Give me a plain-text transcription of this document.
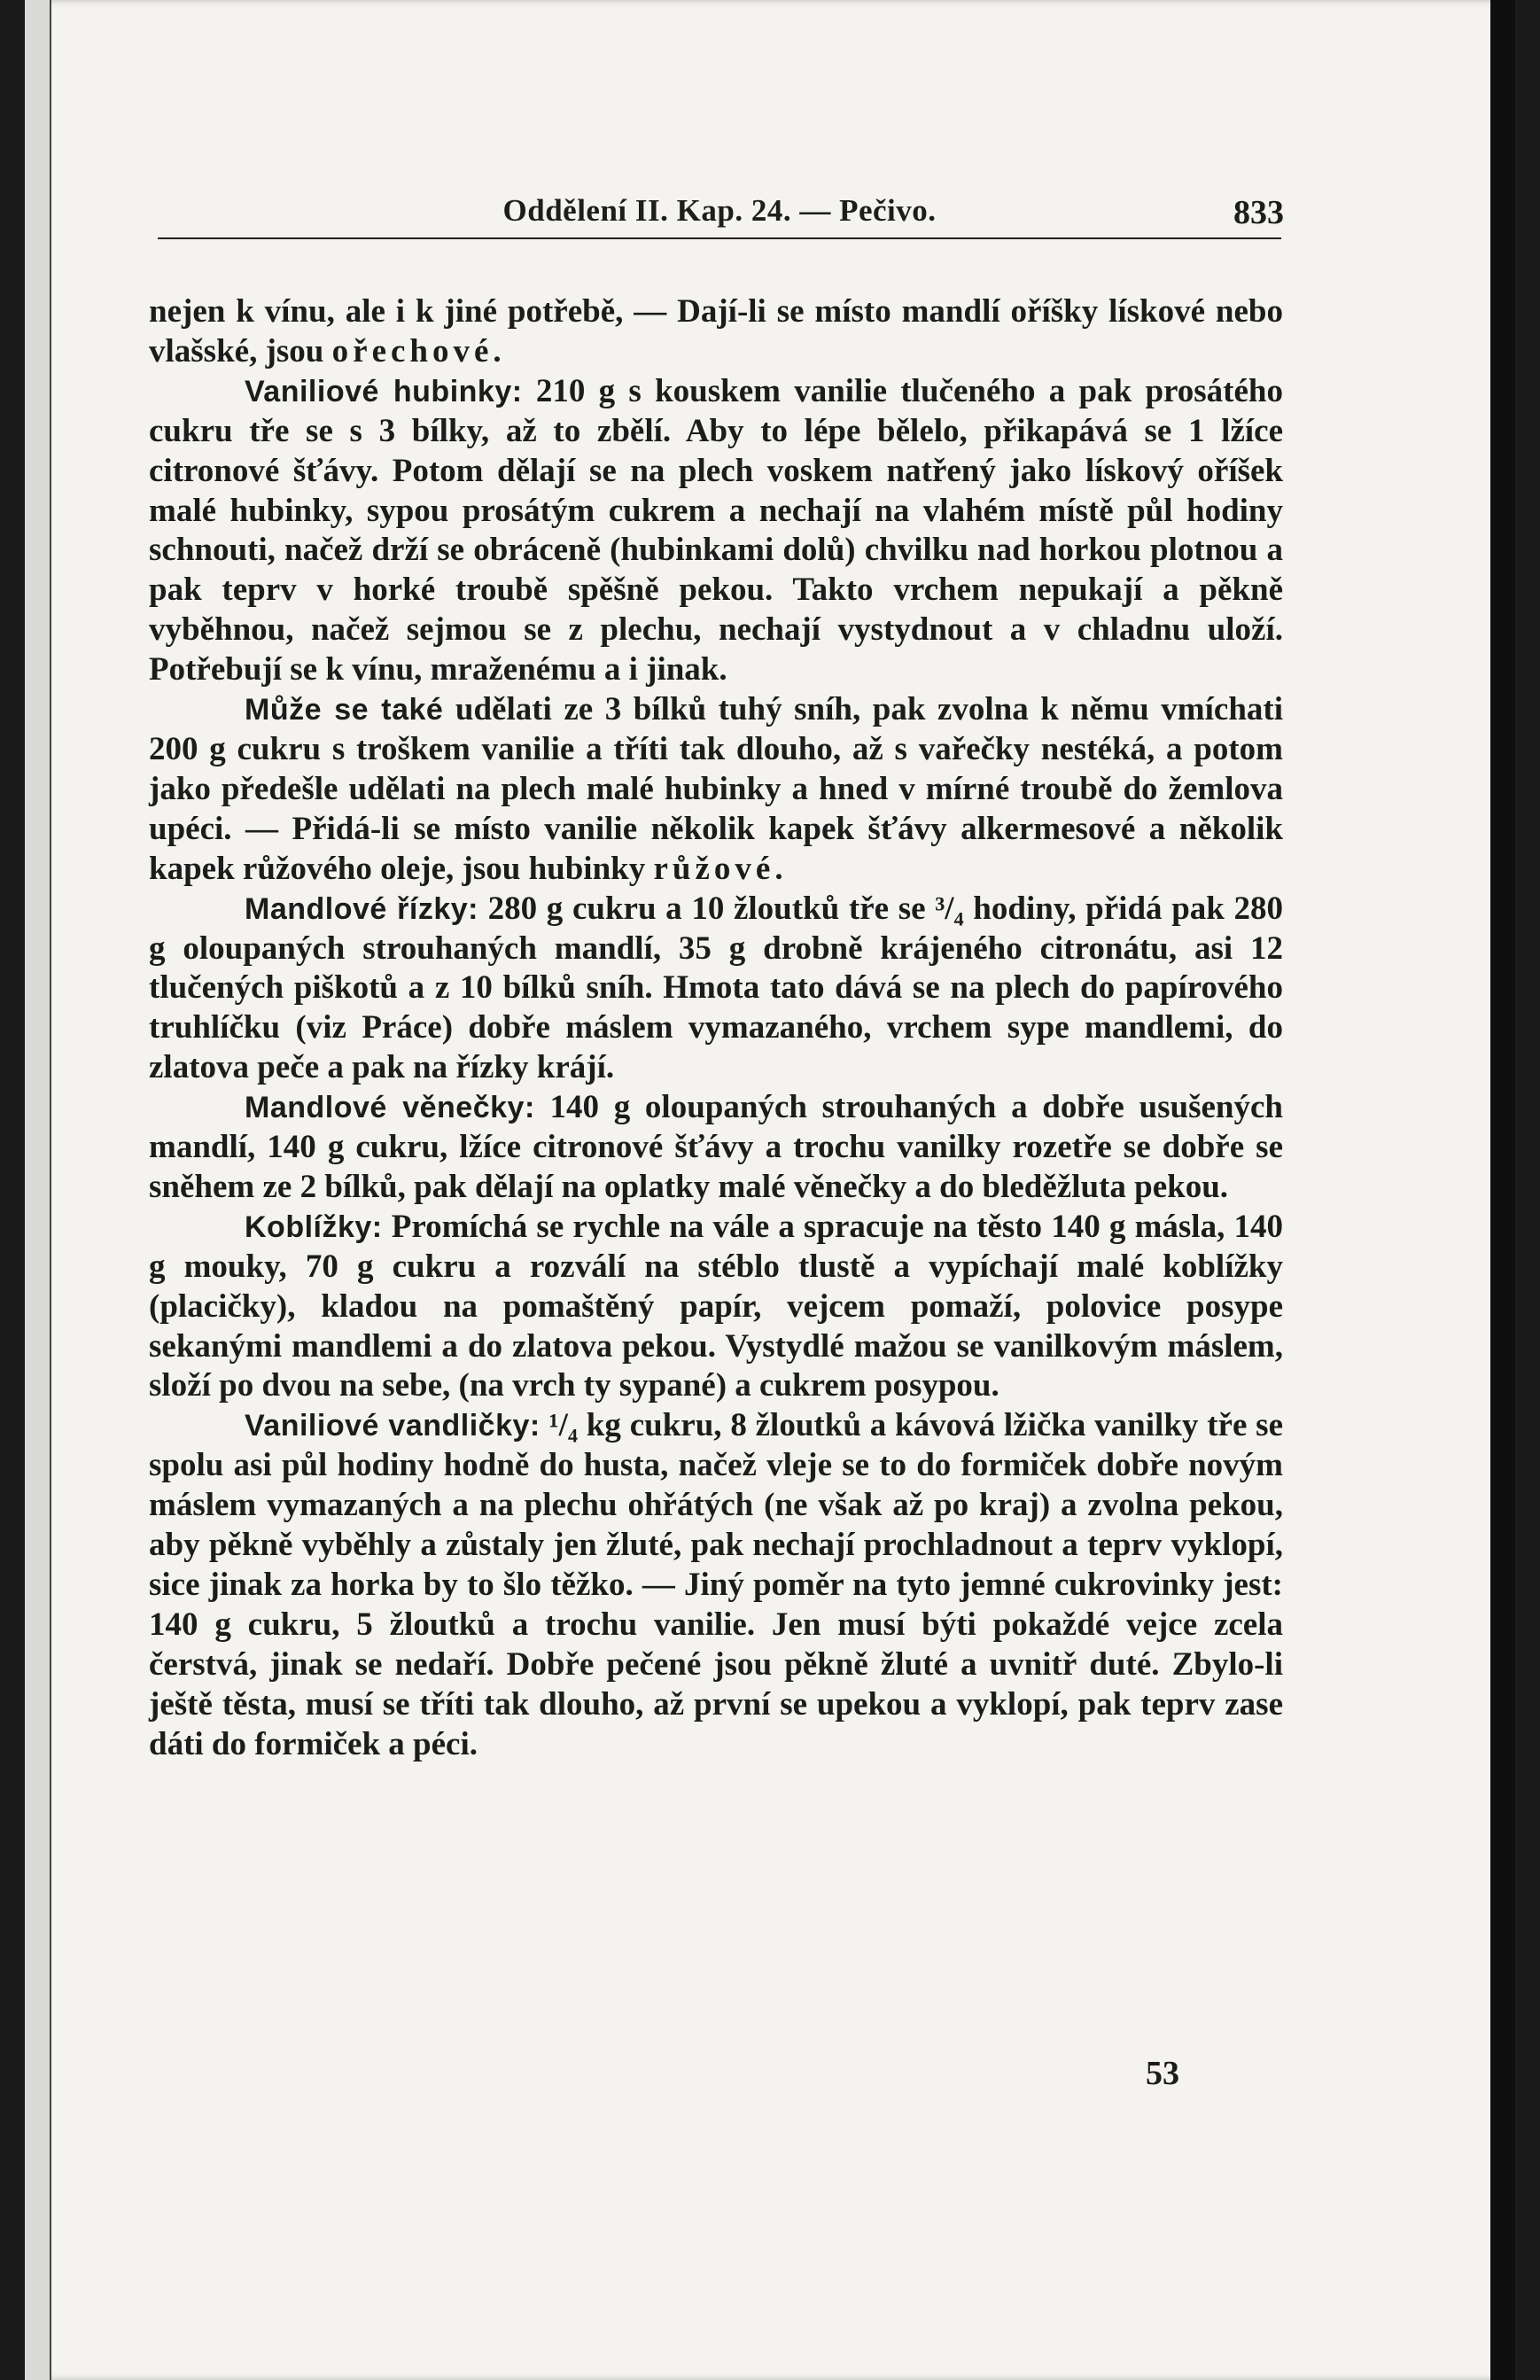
Oddělení II. Kap. 24. — Pečivo.	833

nejen k vínu, ale i k jiné potřebě, — Dají-li se místo mandlí oříšky lískové nebo vlašské, jsou ořechové.

Vaniliové hubinky: 210 g s kouskem vanilie tlučeného a pak prosátého cukru tře se s 3 bílky, až to zbělí. Aby to lépe bělelo, přikapává se 1 lžíce citronové šťávy. Potom dělají se na plech voskem natřený jako lískový oříšek malé hubinky, sypou prosátým cukrem a nechají na vlahém místě půl hodiny schnouti, načež drží se obráceně (hubinkami dolů) chvilku nad horkou plotnou a pak teprv v horké troubě spěšně pekou. Takto vrchem nepukají a pěkně vyběhnou, načež sejmou se z plechu, nechají vystydnout a v chladnu uloží. Potřebují se k vínu, mraženému a i jinak.

Může se také udělati ze 3 bílků tuhý sníh, pak zvolna k němu vmíchati 200 g cukru s troškem vanilie a tříti tak dlouho, až s vařečky nestéká, a potom jako předešle udělati na plech malé hubinky a hned v mírné troubě do žemlova upéci. — Přidá-li se místo vanilie několik kapek šťávy alkermesové a několik kapek růžového oleje, jsou hubinky růžové.

Mandlové řízky: 280 g cukru a 10 žloutků tře se ³/₄ hodiny, přidá pak 280 g oloupaných strouhaných mandlí, 35 g drobně krájeného citronátu, asi 12 tlučených piškotů a z 10 bílků sníh. Hmota tato dává se na plech do papírového truhlíčku (viz Práce) dobře máslem vymazaného, vrchem sype mandlemi, do zlatova peče a pak na řízky krájí.

Mandlové věnečky: 140 g oloupaných strouhaných a dobře usušených mandlí, 140 g cukru, lžíce citronové šťávy a trochu vanilky rozetře se dobře se sněhem ze 2 bílků, pak dělají na oplatky malé věnečky a do bleděžluta pekou.

Koblížky: Promíchá se rychle na vále a spracuje na těsto 140 g másla, 140 g mouky, 70 g cukru a rozválí na stéblo tlustě a vypíchají malé koblížky (placičky), kladou na pomaštěný papír, vejcem pomaží, polovice posype sekanými mandlemi a do zlatova pekou. Vystydlé mažou se vanilkovým máslem, složí po dvou na sebe, (na vrch ty sypané) a cukrem posypou.

Vaniliové vandličky: ¹/₄ kg cukru, 8 žloutků a kávová lžička vanilky tře se spolu asi půl hodiny hodně do husta, načež vleje se to do formiček dobře novým máslem vymazaných a na plechu ohřátých (ne však až po kraj) a zvolna pekou, aby pěkně vyběhly a zůstaly jen žluté, pak nechají prochladnout a teprv vyklopí, sice jinak za horka by to šlo těžko. — Jiný poměr na tyto jemné cukrovinky jest: 140 g cukru, 5 žloutků a trochu vanilie. Jen musí býti pokaždé vejce zcela čerstvá, jinak se nedaří. Dobře pečené jsou pěkně žluté a uvnitř duté. Zbylo-li ještě těsta, musí se tříti tak dlouho, až první se upekou a vyklopí, pak teprv zase dáti do formiček a péci.

53
